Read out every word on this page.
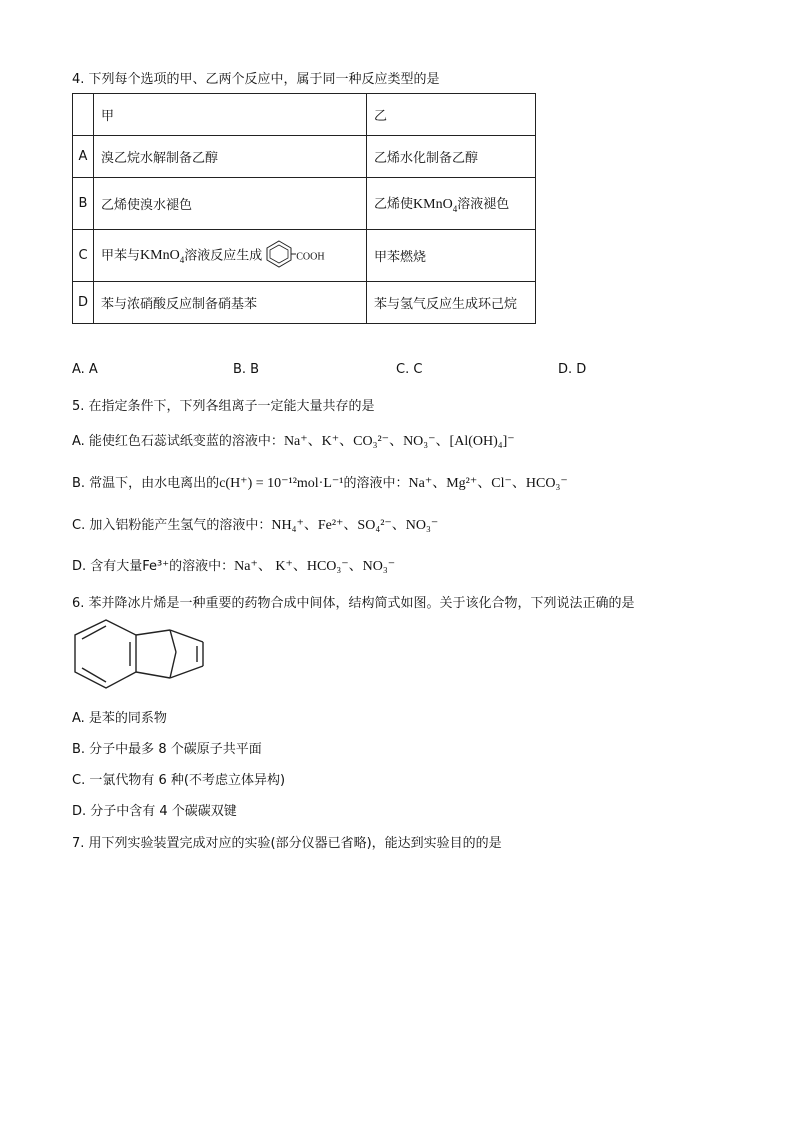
4. 下列每个选项的甲、乙两个反应中，属于同一种反应类型的是
	甲	乙
A	溴乙烷水解制备乙醇	乙烯水化制备乙醇
B	乙烯使溴水褪色	乙烯使KMnO$_4$溶液褪色
C	甲苯与KMnO$_4$溶液反应生成 COOH	甲苯燃烧
D	苯与浓硝酸反应制备硝基苯	苯与氢气反应生成环己烷
A. A	B. B	C. C	D. D
5. 在指定条件下，下列各组离子一定能大量共存的是
A. 能使红色石蕊试纸变蓝的溶液中：Na⁺、K⁺、CO₃²⁻、NO₃⁻、[Al(OH)₄]⁻
B. 常温下，由水电离出的c(H⁺) = 10⁻¹²mol·L⁻¹的溶液中：Na⁺、Mg²⁺、Cl⁻、HCO₃⁻
C. 加入铝粉能产生氢气的溶液中：NH₄⁺、Fe²⁺、SO₄²⁻、NO₃⁻
D. 含有大量Fe³⁺的溶液中：Na⁺、 K⁺、HCO₃⁻、NO₃⁻
6. 苯并降冰片烯是一种重要的药物合成中间体，结构简式如图。关于该化合物，下列说法正确的是
A. 是苯的同系物
B. 分子中最多 8 个碳原子共平面
C. 一氯代物有 6 种(不考虑立体异构)
D. 分子中含有 4 个碳碳双键
7. 用下列实验装置完成对应的实验(部分仪器已省略)，能达到实验目的的是
